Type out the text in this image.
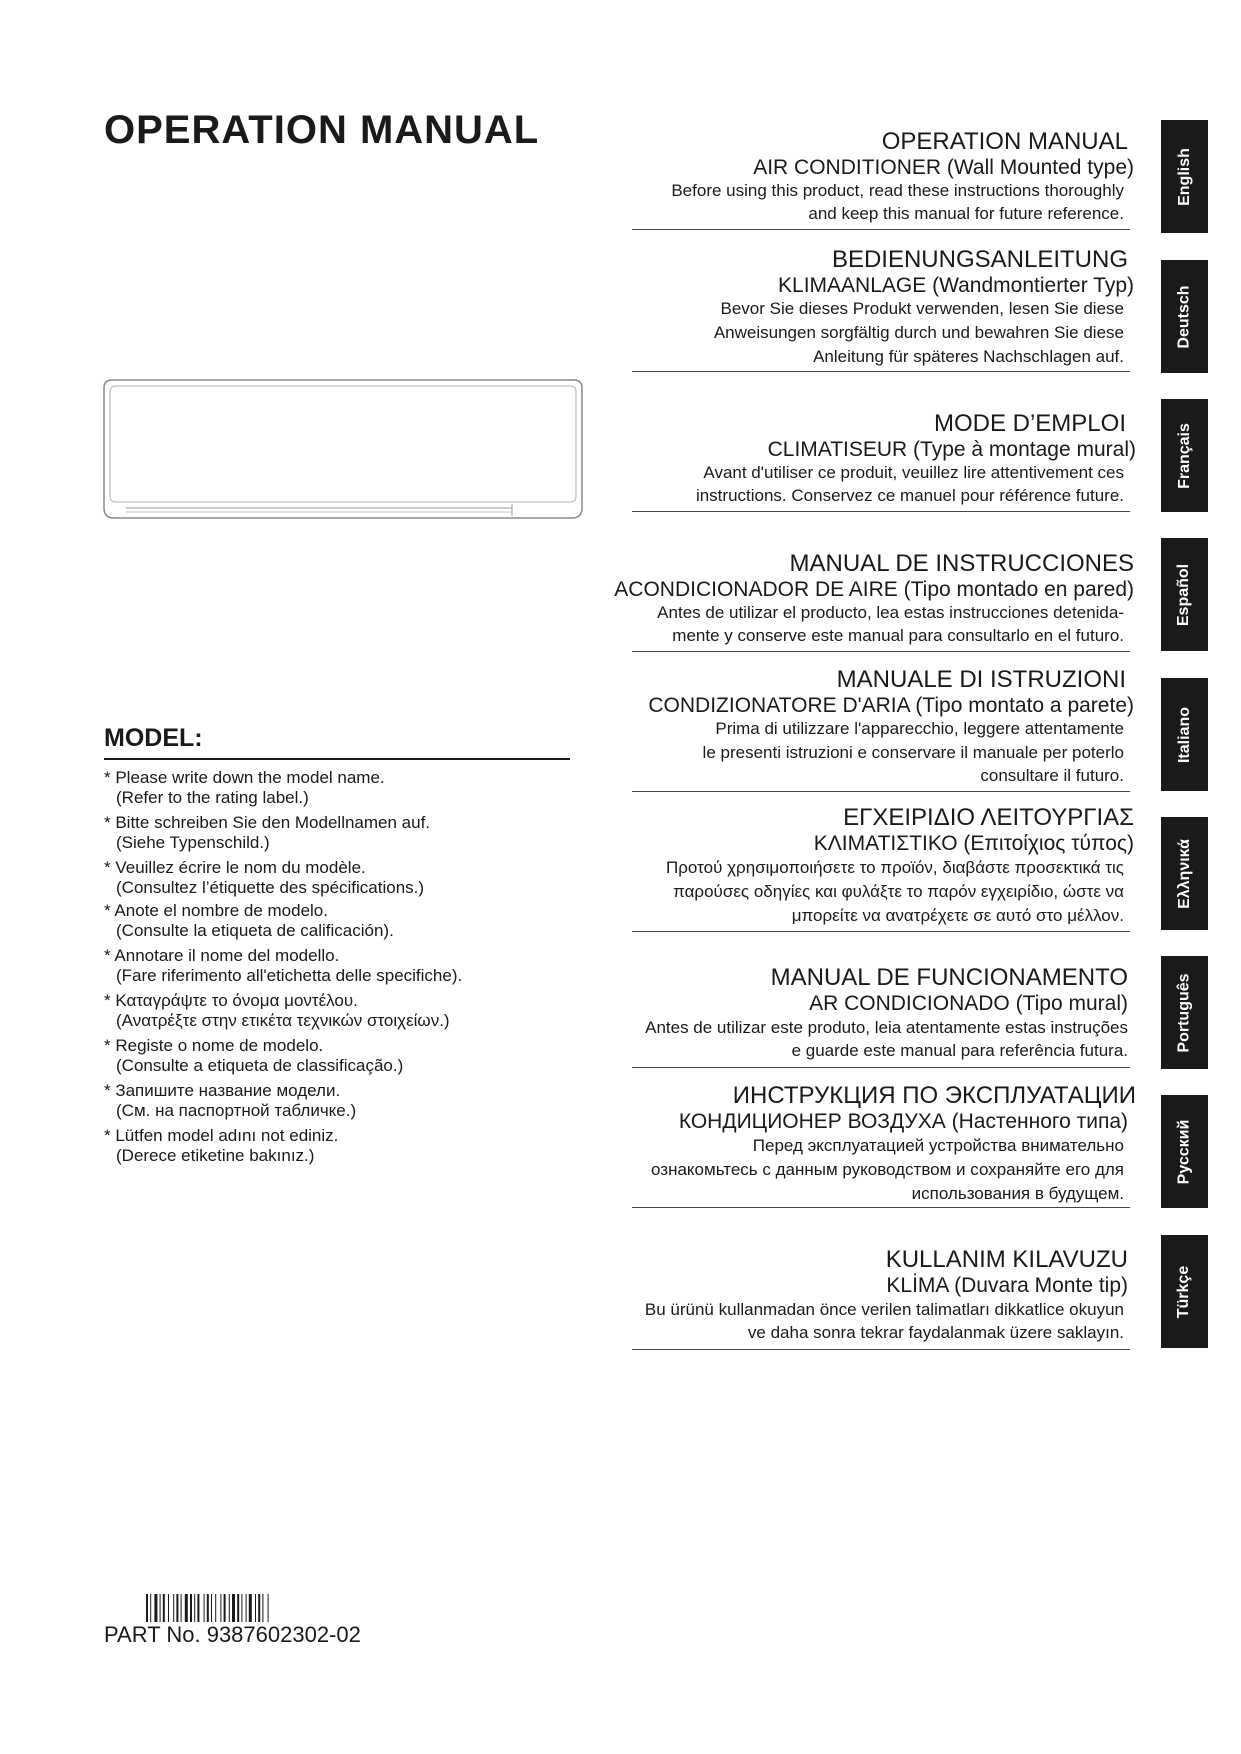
OPERATION MANUAL	OPERATION MANUAL
AIR CONDITIONER (Wall Mounted type)
Before using this product, read these instructions thoroughly
and keep this manual for future reference.
BEDIENUNGSANLEITUNG
KLIMAANLAGE (Wandmontierter Typ)
Bevor Sie dieses Produkt verwenden, lesen Sie diese
Anweisungen sorgfältig durch und bewahren Sie diese
Anleitung für späteres Nachschlagen auf.
MODE D’EMPLOI
CLIMATISEUR (Type à montage mural)
Avant d'utiliser ce produit, veuillez lire attentivement ces
instructions. Conservez ce manuel pour référence future.
MANUAL DE INSTRUCCIONES
ACONDICIONADOR DE AIRE (Tipo montado en pared)
Antes de utilizar el producto, lea estas instrucciones detenida-
mente y conserve este manual para consultarlo en el futuro.
MANUALE DI ISTRUZIONI
CONDIZIONATORE D'ARIA (Tipo montato a parete)
Prima di utilizzare l'apparecchio, leggere attentamente
le presenti istruzioni e conservare il manuale per poterlo
consultare il futuro.
ΕΓΧΕΙΡΙΔΙΟ ΛΕΙΤΟΥΡΓΙΑΣ
ΚΛΙΜΑΤΙΣΤΙΚΟ (Επιτοίχιος τύπος)
Προτού χρησιμοποιήσετε το προϊόν, διαβάστε προσεκτικά τις
παρούσες οδηγίες και φυλάξτε το παρόν εγχειρίδιο, ώστε να
μπορείτε να ανατρέχετε σε αυτό στο μέλλον.
MANUAL DE FUNCIONAMENTO
AR CONDICIONADO (Tipo mural)
Antes de utilizar este produto, leia atentamente estas instruções
e guarde este manual para referência futura.
ИНСТРУКЦИЯ ПО ЭКСПЛУАТАЦИИ
КОНДИЦИОНЕР ВОЗДУХА (Настенного типа)
Перед эксплуатацией устройства внимательно
ознакомьтесь с данным руководством и сохраняйте его для
использования в будущем.
KULLANIM KILAVUZU
KLİMA (Duvara Monte tip)
Bu ürünü kullanmadan önce verilen talimatları dikkatlice okuyun
ve daha sonra tekrar faydalanmak üzere saklayın.
English
Deutsch
Français
Español
Italiano
Ελληνικά
Português
Русский
Türkçe
MODEL:
* Please write down the model name.
(Refer to the rating label.)
* Bitte schreiben Sie den Modellnamen auf.
(Siehe Typenschild.)
* Veuillez écrire le nom du modèle.
(Consultez l’étiquette des spécifications.)
* Anote el nombre de modelo.
(Consulte la etiqueta de calificación).
* Annotare il nome del modello.
(Fare riferimento all'etichetta delle specifiche).
* Καταγράψτε το όνομα μοντέλου.
(Ανατρέξτε στην ετικέτα τεχνικών στοιχείων.)
* Registe o nome de modelo.
(Consulte a etiqueta de classificação.)
* Запишите название модели.
(См. на паспортной табличке.)
* Lütfen model adını not ediniz.
(Derece etiketine bakınız.)
PART No. 9387602302-02
